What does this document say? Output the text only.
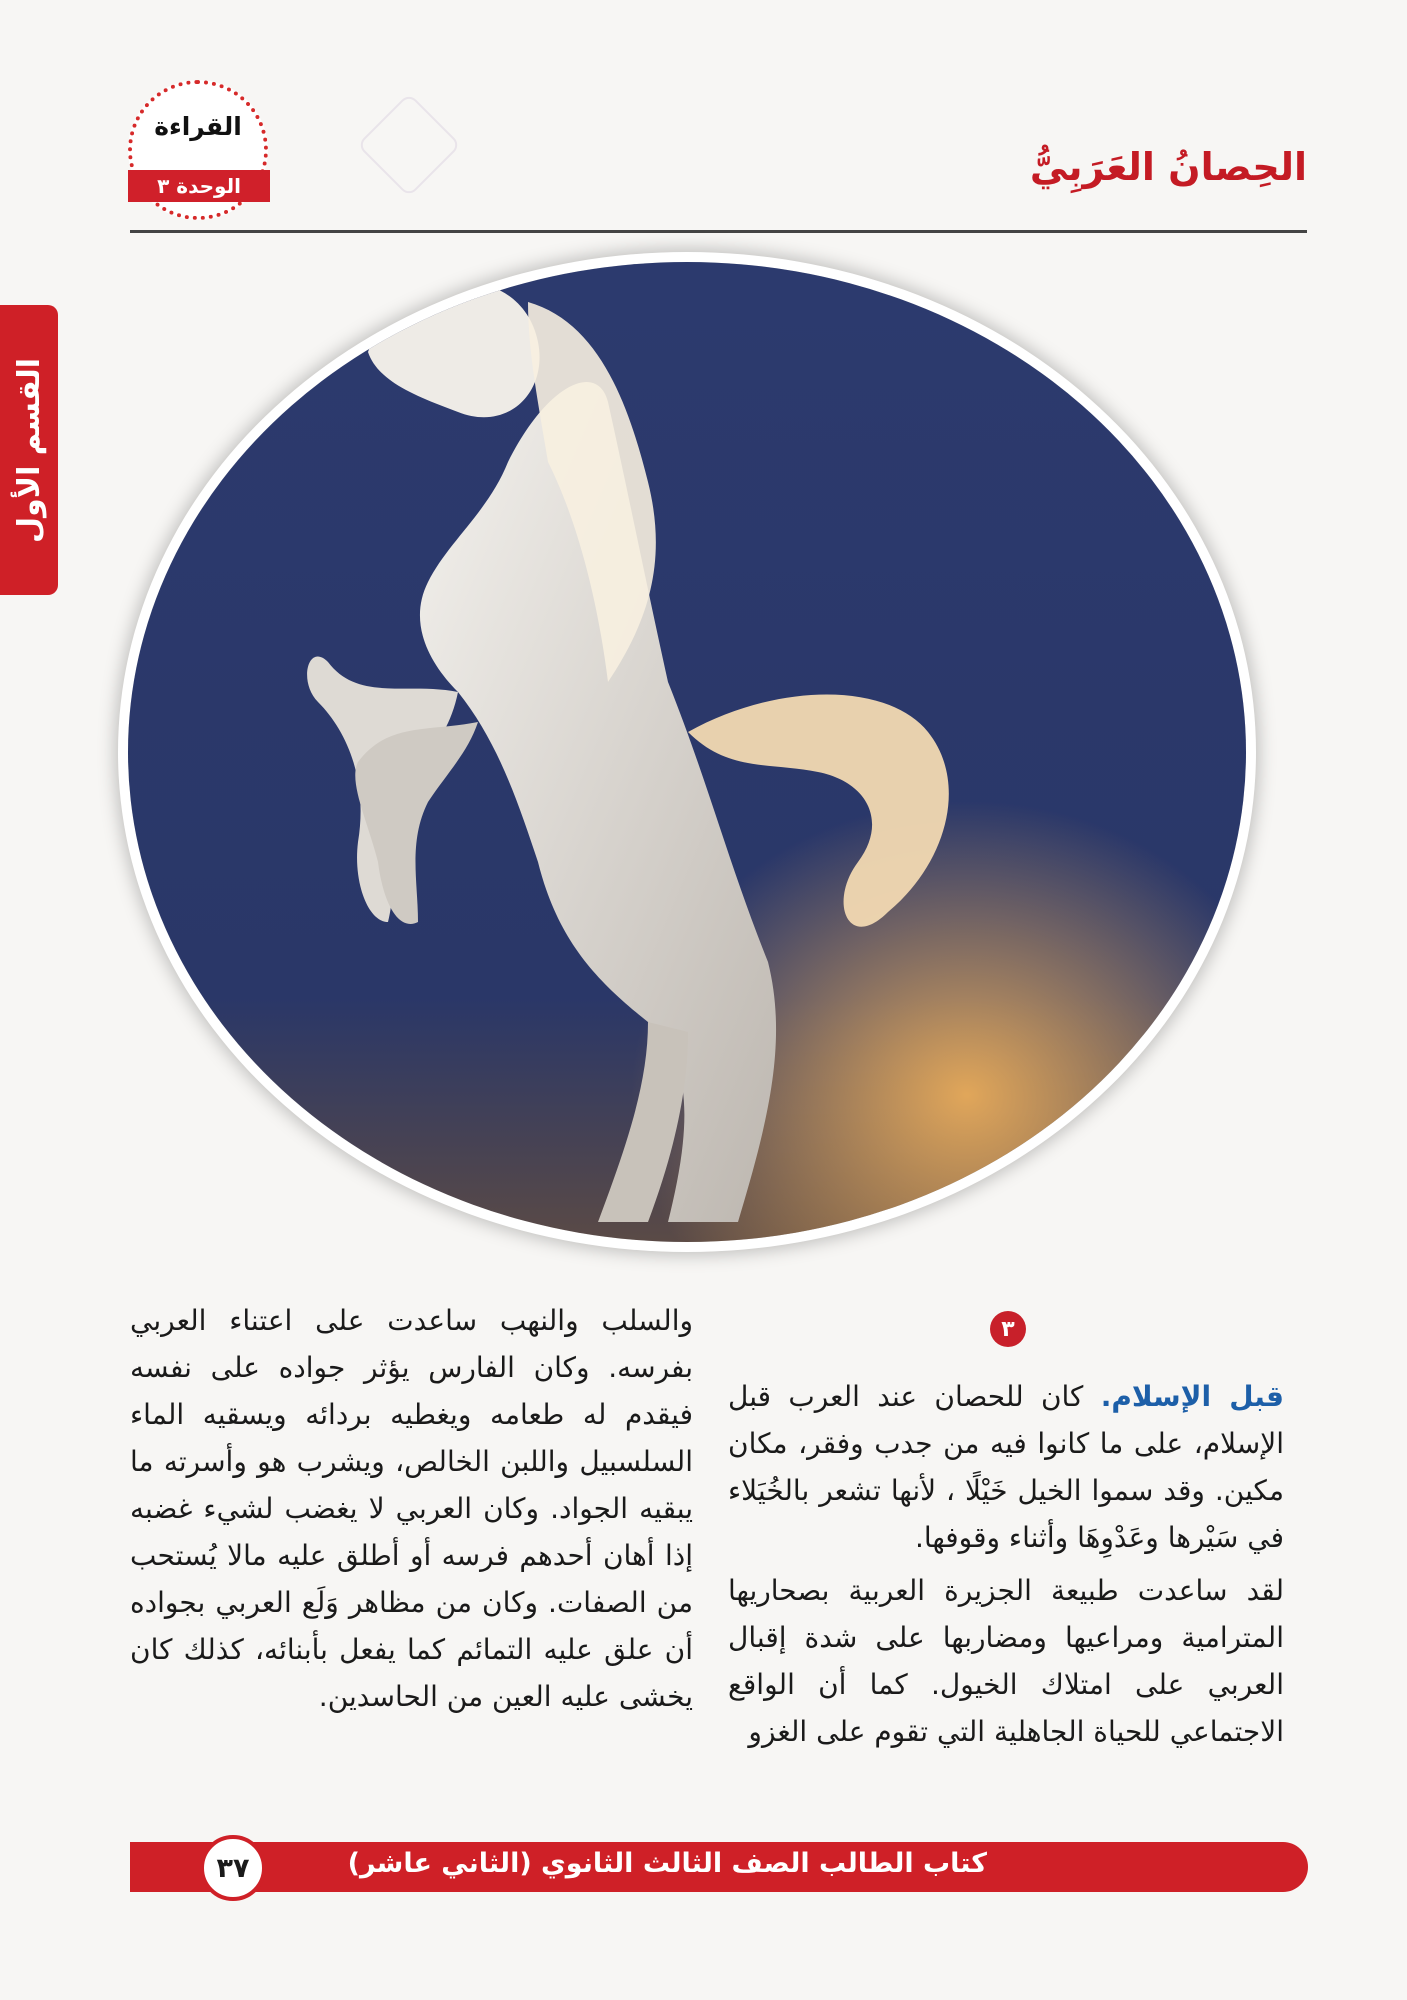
القسم الأول
القراءة
الوحدة ٣	الحِصانُ العَرَبِيُّ
٣

قبل الإسلام. كان للحصان عند العرب قبل الإسلام، على ما كانوا فيه من جدب وفقر، مكان مكين. وقد سموا الخيل خَيْلًا ، لأنها تشعر بالخُيَلاء في سَيْرها وعَدْوِهَا وأثناء وقوفها.

لقد ساعدت طبيعة الجزيرة العربية بصحاريها المترامية ومراعيها ومضاربها على شدة إقبال العربي على امتلاك الخيول. كما أن الواقع الاجتماعي للحياة الجاهلية التي تقوم على الغزو

والسلب والنهب ساعدت على اعتناء العربي بفرسه. وكان الفارس يؤثر جواده على نفسه فيقدم له طعامه ويغطيه بردائه ويسقيه الماء السلسبيل واللبن الخالص، ويشرب هو وأسرته ما يبقيه الجواد. وكان العربي لا يغضب لشيء غضبه إذا أهان أحدهم فرسه أو أطلق عليه مالا يُستحب من الصفات. وكان من مظاهر وَلَع العربي بجواده أن علق عليه التمائم كما يفعل بأبنائه، كذلك كان يخشى عليه العين من الحاسدين.

كتاب الطالب الصف الثالث الثانوي (الثاني عاشر)
٣٧
